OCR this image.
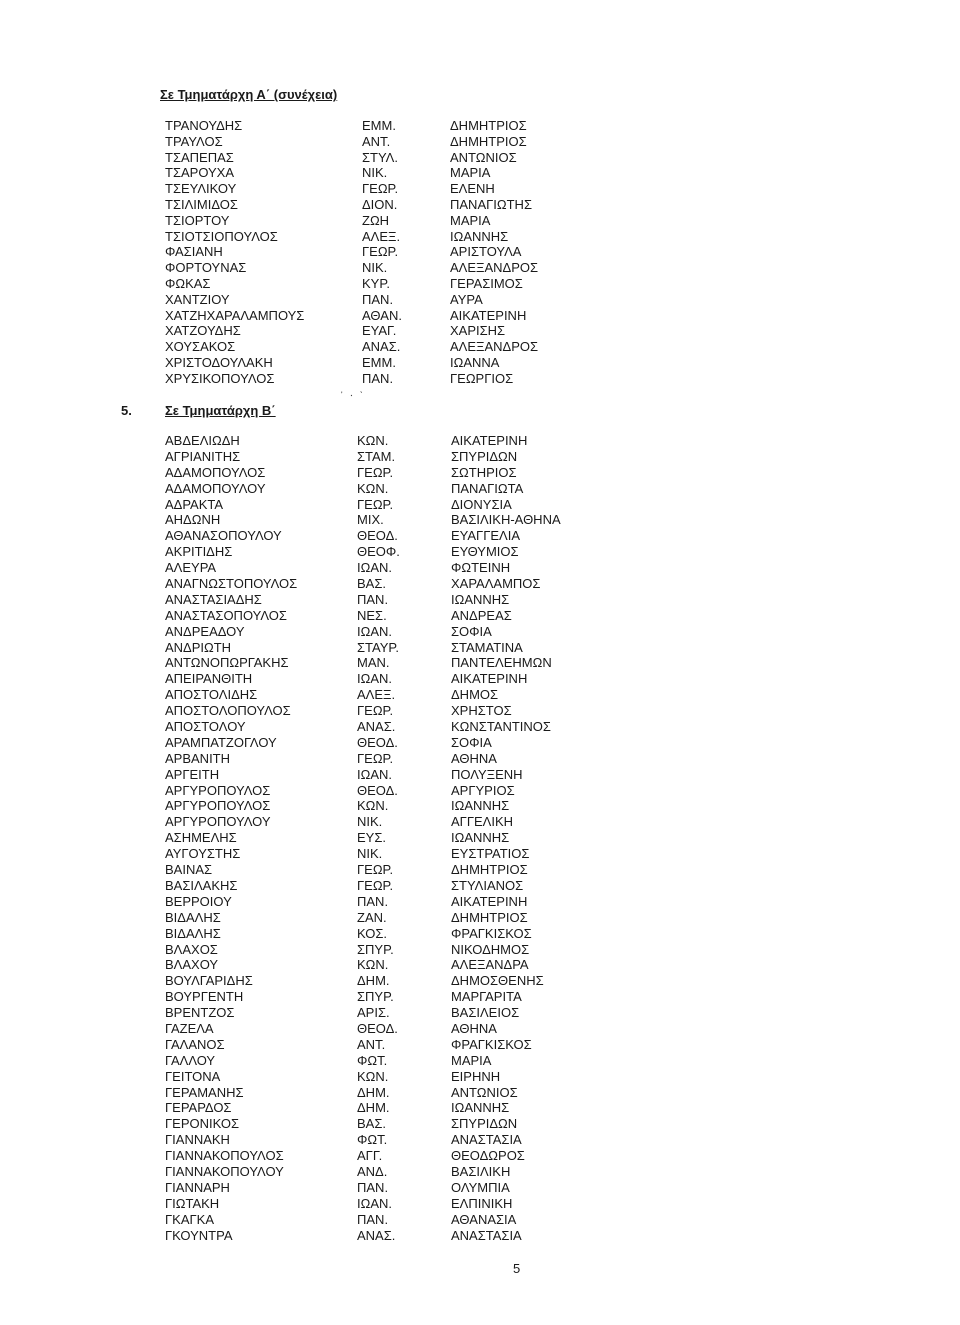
Σε Τμηματάρχη Α΄ (συνέχεια)
ΤΡΑΝΟΥΔΗΣ	ΕΜΜ.	ΔΗΜΗΤΡΙΟΣ
ΤΡΑΥΛΟΣ	ΑΝΤ.	ΔΗΜΗΤΡΙΟΣ
ΤΣΑΠΕΠΑΣ	ΣΤΥΛ.	ΑΝΤΩΝΙΟΣ
ΤΣΑΡΟΥΧΑ	ΝΙΚ.	ΜΑΡΙΑ
ΤΣΕΥΛΙΚΟΥ	ΓΕΩΡ.	ΕΛΕΝΗ
ΤΣΙΛΙΜΙΔΟΣ	ΔΙΟΝ.	ΠΑΝΑΓΙΩΤΗΣ
ΤΣΙΟΡΤΟΥ	ΖΩΗ	ΜΑΡΙΑ
ΤΣΙΟΤΣΙΟΠΟΥΛΟΣ	ΑΛΕΞ.	ΙΩΑΝΝΗΣ
ΦΑΣΙΑΝΗ	ΓΕΩΡ.	ΑΡΙΣΤΟΥΛΑ
ΦΟΡΤΟΥΝΑΣ	ΝΙΚ.	ΑΛΕΞΑΝΔΡΟΣ
ΦΩΚΑΣ	ΚΥΡ.	ΓΕΡΑΣΙΜΟΣ
ΧΑΝΤΖΙΟΥ	ΠΑΝ.	ΑΥΡΑ
ΧΑΤΖΗΧΑΡΑΛΑΜΠΟΥΣ	ΑΘΑΝ.	ΑΙΚΑΤΕΡΙΝΗ
ΧΑΤΖΟΥΔΗΣ	ΕΥΑΓ.	ΧΑΡΙΣΗΣ
ΧΟΥΣΑΚΟΣ	ΑΝΑΣ.	ΑΛΕΞΑΝΔΡΟΣ
ΧΡΙΣΤΟΔΟΥΛΑΚΗ	ΕΜΜ.	ΙΩΑΝΝΑ
ΧΡΥΣΙΚΟΠΟΥΛΟΣ	ΠΑΝ.	ΓΕΩΡΓΙΟΣ
᾿ ⸱ ˋ
5.	Σε Τμηματάρχη Β΄
ΑΒΔΕΛΙΩΔΗ	ΚΩΝ.	ΑΙΚΑΤΕΡΙΝΗ
ΑΓΡΙΑΝΙΤΗΣ	ΣΤΑΜ.	ΣΠΥΡΙΔΩΝ
ΑΔΑΜΟΠΟΥΛΟΣ	ΓΕΩΡ.	ΣΩΤΗΡΙΟΣ
ΑΔΑΜΟΠΟΥΛΟΥ	ΚΩΝ.	ΠΑΝΑΓΙΩΤΑ
ΑΔΡΑΚΤΑ	ΓΕΩΡ.	ΔΙΟΝΥΣΙΑ
ΑΗΔΩΝΗ	ΜΙΧ.	ΒΑΣΙΛΙΚΗ-ΑΘΗΝΑ
ΑΘΑΝΑΣΟΠΟΥΛΟΥ	ΘΕΟΔ.	ΕΥΑΓΓΕΛΙΑ
ΑΚΡΙΤΙΔΗΣ	ΘΕΟΦ.	ΕΥΘΥΜΙΟΣ
ΑΛΕΥΡΑ	ΙΩΑΝ.	ΦΩΤΕΙΝΗ
ΑΝΑΓΝΩΣΤΟΠΟΥΛΟΣ	ΒΑΣ.	ΧΑΡΑΛΑΜΠΟΣ
ΑΝΑΣΤΑΣΙΑΔΗΣ	ΠΑΝ.	ΙΩΑΝΝΗΣ
ΑΝΑΣΤΑΣΟΠΟΥΛΟΣ	ΝΕΣ.	ΑΝΔΡΕΑΣ
ΑΝΔΡΕΑΔΟΥ	ΙΩΑΝ.	ΣΟΦΙΑ
ΑΝΔΡΙΩΤΗ	ΣΤΑΥΡ.	ΣΤΑΜΑΤΙΝΑ
ΑΝΤΩΝΟΠΩΡΓΑΚΗΣ	ΜΑΝ.	ΠΑΝΤΕΛΕΗΜΩΝ
ΑΠΕΙΡΑΝΘΙΤΗ	ΙΩΑΝ.	ΑΙΚΑΤΕΡΙΝΗ
ΑΠΟΣΤΟΛΙΔΗΣ	ΑΛΕΞ.	ΔΗΜΟΣ
ΑΠΟΣΤΟΛΟΠΟΥΛΟΣ	ΓΕΩΡ.	ΧΡΗΣΤΟΣ
ΑΠΟΣΤΟΛΟΥ	ΑΝΑΣ.	ΚΩΝΣΤΑΝΤΙΝΟΣ
ΑΡΑΜΠΑΤΖΟΓΛΟΥ	ΘΕΟΔ.	ΣΟΦΙΑ
ΑΡΒΑΝΙΤΗ	ΓΕΩΡ.	ΑΘΗΝΑ
ΑΡΓΕΙΤΗ	ΙΩΑΝ.	ΠΟΛΥΞΕΝΗ
ΑΡΓΥΡΟΠΟΥΛΟΣ	ΘΕΟΔ.	ΑΡΓΥΡΙΟΣ
ΑΡΓΥΡΟΠΟΥΛΟΣ	ΚΩΝ.	ΙΩΑΝΝΗΣ
ΑΡΓΥΡΟΠΟΥΛΟΥ	ΝΙΚ.	ΑΓΓΕΛΙΚΗ
ΑΣΗΜΕΛΗΣ	ΕΥΣ.	ΙΩΑΝΝΗΣ
ΑΥΓΟΥΣΤΗΣ	ΝΙΚ.	ΕΥΣΤΡΑΤΙΟΣ
ΒΑΙΝΑΣ	ΓΕΩΡ.	ΔΗΜΗΤΡΙΟΣ
ΒΑΣΙΛΑΚΗΣ	ΓΕΩΡ.	ΣΤΥΛΙΑΝΟΣ
ΒΕΡΡΟΙΟΥ	ΠΑΝ.	ΑΙΚΑΤΕΡΙΝΗ
ΒΙΔΑΛΗΣ	ΖΑΝ.	ΔΗΜΗΤΡΙΟΣ
ΒΙΔΑΛΗΣ	ΚΟΣ.	ΦΡΑΓΚΙΣΚΟΣ
ΒΛΑΧΟΣ	ΣΠΥΡ.	ΝΙΚΟΔΗΜΟΣ
ΒΛΑΧΟΥ	ΚΩΝ.	ΑΛΕΞΑΝΔΡΑ
ΒΟΥΛΓΑΡΙΔΗΣ	ΔΗΜ.	ΔΗΜΟΣΘΕΝΗΣ
ΒΟΥΡΓΕΝΤΗ	ΣΠΥΡ.	ΜΑΡΓΑΡΙΤΑ
ΒΡΕΝΤΖΟΣ	ΑΡΙΣ.	ΒΑΣΙΛΕΙΟΣ
ΓΑΖΕΛΑ	ΘΕΟΔ.	ΑΘΗΝΑ
ΓΑΛΑΝΟΣ	ΑΝΤ.	ΦΡΑΓΚΙΣΚΟΣ
ΓΑΛΛΟΥ	ΦΩΤ.	ΜΑΡΙΑ
ΓΕΙΤΟΝΑ	ΚΩΝ.	ΕΙΡΗΝΗ
ΓΕΡΑΜΑΝΗΣ	ΔΗΜ.	ΑΝΤΩΝΙΟΣ
ΓΕΡΑΡΔΟΣ	ΔΗΜ.	ΙΩΑΝΝΗΣ
ΓΕΡΟΝΙΚΟΣ	ΒΑΣ.	ΣΠΥΡΙΔΩΝ
ΓΙΑΝΝΑΚΗ	ΦΩΤ.	ΑΝΑΣΤΑΣΙΑ
ΓΙΑΝΝΑΚΟΠΟΥΛΟΣ	ΑΓΓ.	ΘΕΟΔΩΡΟΣ
ΓΙΑΝΝΑΚΟΠΟΥΛΟΥ	ΑΝΔ.	ΒΑΣΙΛΙΚΗ
ΓΙΑΝΝΑΡΗ	ΠΑΝ.	ΟΛΥΜΠΙΑ
ΓΙΩΤΑΚΗ	ΙΩΑΝ.	ΕΛΠΙΝΙΚΗ
ΓΚΑΓΚΑ	ΠΑΝ.	ΑΘΑΝΑΣΙΑ
ΓΚΟΥΝΤΡΑ	ΑΝΑΣ.	ΑΝΑΣΤΑΣΙΑ
5
